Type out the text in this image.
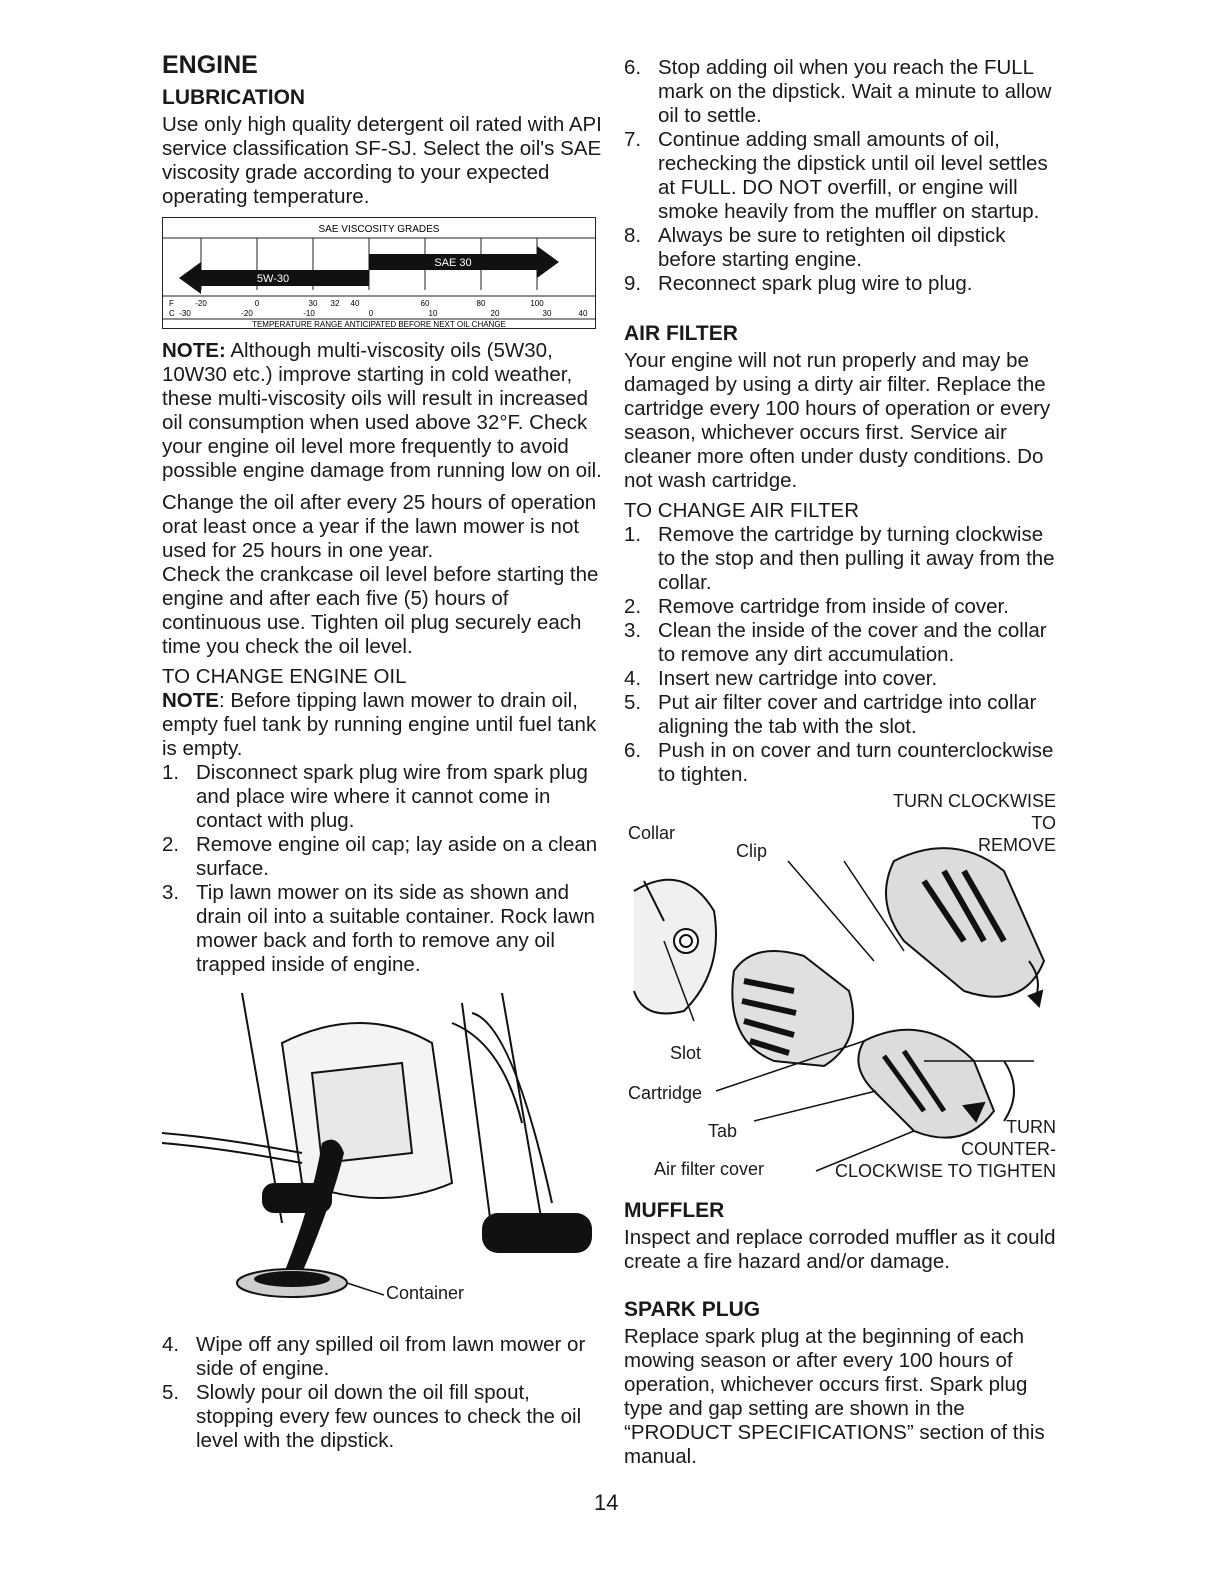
ENGINE
LUBRICATION

Use only high quality detergent oil rated with API service classification SF-SJ. Select the oil's SAE viscosity grade according to your expected operating temperature.

SAE VISCOSITY GRADES
SAE 30
5W-30
F	-20	0	30 32 40	60	80	100
C -30	-20	-10	0	10	20	30	40
TEMPERATURE RANGE ANTICIPATED BEFORE NEXT OIL CHANGE

NOTE: Although multi-viscosity oils (5W30, 10W30 etc.) improve starting in cold weather, these multi-viscosity oils will result in increased oil consumption when used above 32°F. Check your engine oil level more frequently to avoid possible engine damage from running low on oil.

Change the oil after every 25 hours of operation orat least once a year if the lawn mower is not used for 25 hours in one year.

Check the crankcase oil level before starting the engine and after each five (5) hours of continuous use. Tighten oil plug securely each time you check the oil level.

TO CHANGE ENGINE OIL

NOTE: Before tipping lawn mower to drain oil, empty fuel tank by running engine until fuel tank is empty.

1. Disconnect spark plug wire from spark plug and place wire where it cannot come in contact with plug.
2. Remove engine oil cap; lay aside on a clean surface.
3. Tip lawn mower on its side as shown and drain oil into a suitable container. Rock lawn mower back and forth to remove any oil trapped inside of engine.
Container
4. Wipe off any spilled oil from lawn mower or side of engine.
5. Slowly pour oil down the oil fill spout, stopping every few ounces to check the oil level with the dipstick.
6. Stop adding oil when you reach the FULL mark on the dipstick. Wait a minute to allow oil to settle.
7. Continue adding small amounts of oil, rechecking the dipstick until oil level settles at FULL. DO NOT overfill, or engine will smoke heavily from the muffler on startup.
8. Always be sure to retighten oil dipstick before starting engine.
9. Reconnect spark plug wire to plug.
AIR FILTER

Your engine will not run properly and may be damaged by using a dirty air filter. Replace the cartridge every 100 hours of operation or every season, whichever occurs first. Service air cleaner more often under dusty conditions. Do not wash cartridge.

TO CHANGE AIR FILTER

1. Remove the cartridge by turning clockwise to the stop and then pulling it away from the collar.
2. Remove cartridge from inside of cover.
3. Clean the inside of the cover and the collar to remove any dirt accumulation.
4. Insert new cartridge into cover.
5. Put air filter cover and cartridge into collar aligning the tab with the slot.
6. Push in on cover and turn counterclockwise to tighten.
TURN CLOCKWISE
TO
REMOVE
Collar
Clip
Slot
Cartridge
Tab
Air filter cover
TURN
COUNTER-
CLOCKWISE TO TIGHTEN
MUFFLER

Inspect and replace corroded muffler as it could create a fire hazard and/or damage.

SPARK PLUG

Replace spark plug at the beginning of each mowing season or after every 100 hours of operation, whichever occurs first. Spark plug type and gap setting are shown in the “PRODUCT SPECIFICATIONS” section of this manual.

14
